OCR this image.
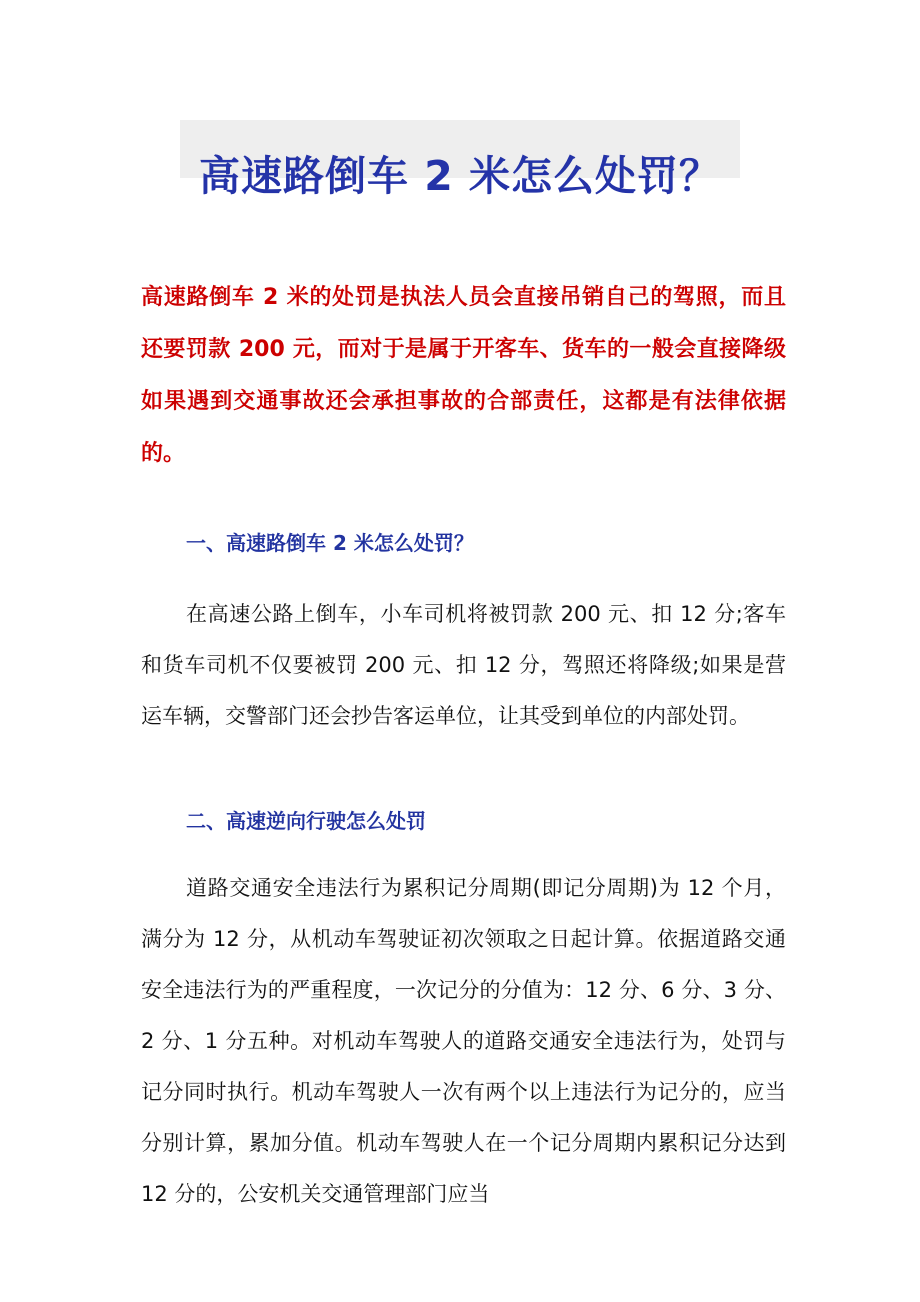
高速路倒车 2 米怎么处罚？

高速路倒车 2 米的处罚是执法人员会直接吊销自己的驾照，而且还要罚款 200 元，而对于是属于开客车、货车的一般会直接降级如果遇到交通事故还会承担事故的合部责任，这都是有法律依据的。

一、高速路倒车 2 米怎么处罚？

在高速公路上倒车，小车司机将被罚款 200 元、扣 12 分;客车和货车司机不仅要被罚 200 元、扣 12 分，驾照还将降级;如果是营运车辆，交警部门还会抄告客运单位，让其受到单位的内部处罚。

二、高速逆向行驶怎么处罚

道路交通安全违法行为累积记分周期(即记分周期)为 12 个月，满分为 12 分，从机动车驾驶证初次领取之日起计算。依据道路交通安全违法行为的严重程度，一次记分的分值为：12 分、6 分、3 分、2 分、1 分五种。对机动车驾驶人的道路交通安全违法行为，处罚与记分同时执行。机动车驾驶人一次有两个以上违法行为记分的，应当分别计算，累加分值。机动车驾驶人在一个记分周期内累积记分达到 12 分的，公安机关交通管理部门应当
